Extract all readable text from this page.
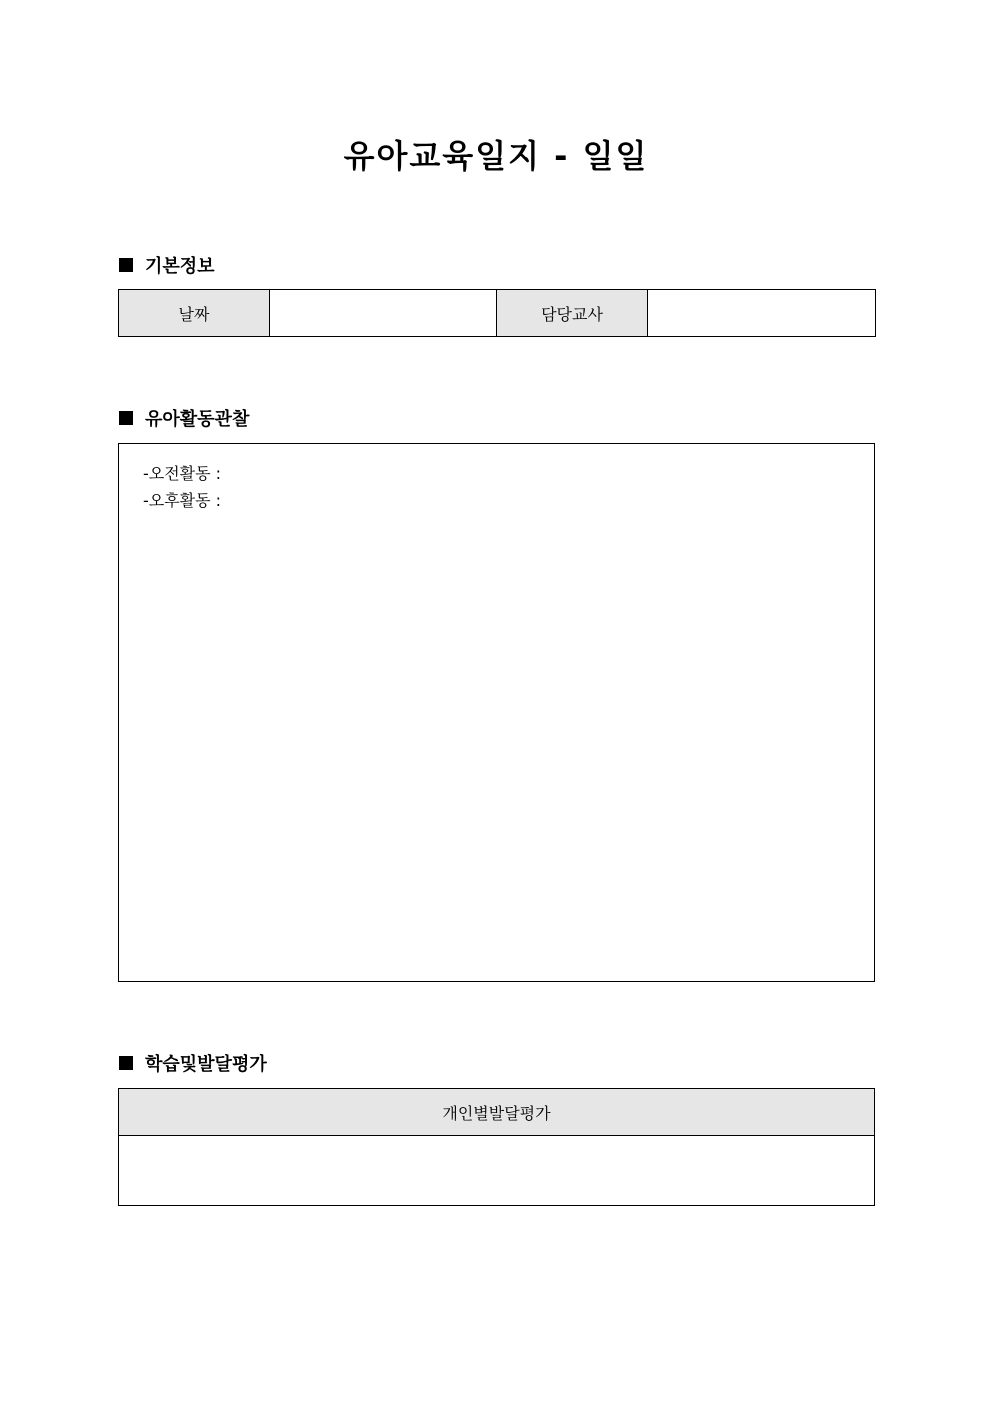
유아교육일지 - 일일
기본정보
날짜		담당교사	
유아활동관찰
-오전활동 :
-오후활동 :
학습및발달평가
개인별발달평가
